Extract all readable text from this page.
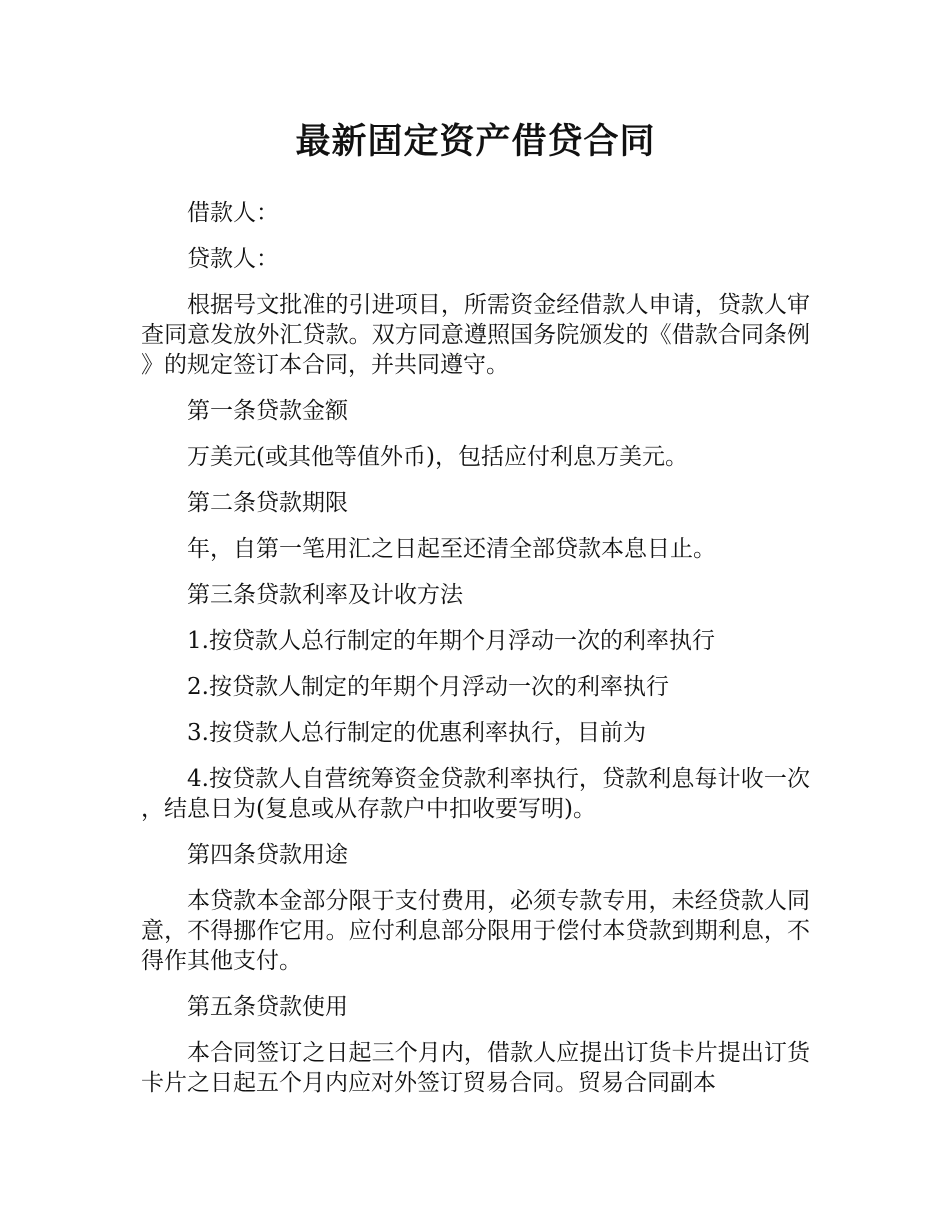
最新固定资产借贷合同

借款人：

贷款人：

根据号文批准的引进项目，所需资金经借款人申请，贷款人审查同意发放外汇贷款。双方同意遵照国务院颁发的《借款合同条例》的规定签订本合同，并共同遵守。

第一条贷款金额

万美元(或其他等值外币)，包括应付利息万美元。

第二条贷款期限

年，自第一笔用汇之日起至还清全部贷款本息日止。

第三条贷款利率及计收方法

1.按贷款人总行制定的年期个月浮动一次的利率执行

2.按贷款人制定的年期个月浮动一次的利率执行

3.按贷款人总行制定的优惠利率执行，目前为

4.按贷款人自营统筹资金贷款利率执行，贷款利息每计收一次，结息日为(复息或从存款户中扣收要写明)。

第四条贷款用途

本贷款本金部分限于支付费用，必须专款专用，未经贷款人同意，不得挪作它用。应付利息部分限用于偿付本贷款到期利息，不得作其他支付。

第五条贷款使用

本合同签订之日起三个月内，借款人应提出订货卡片提出订货卡片之日起五个月内应对外签订贸易合同。贸易合同副本
